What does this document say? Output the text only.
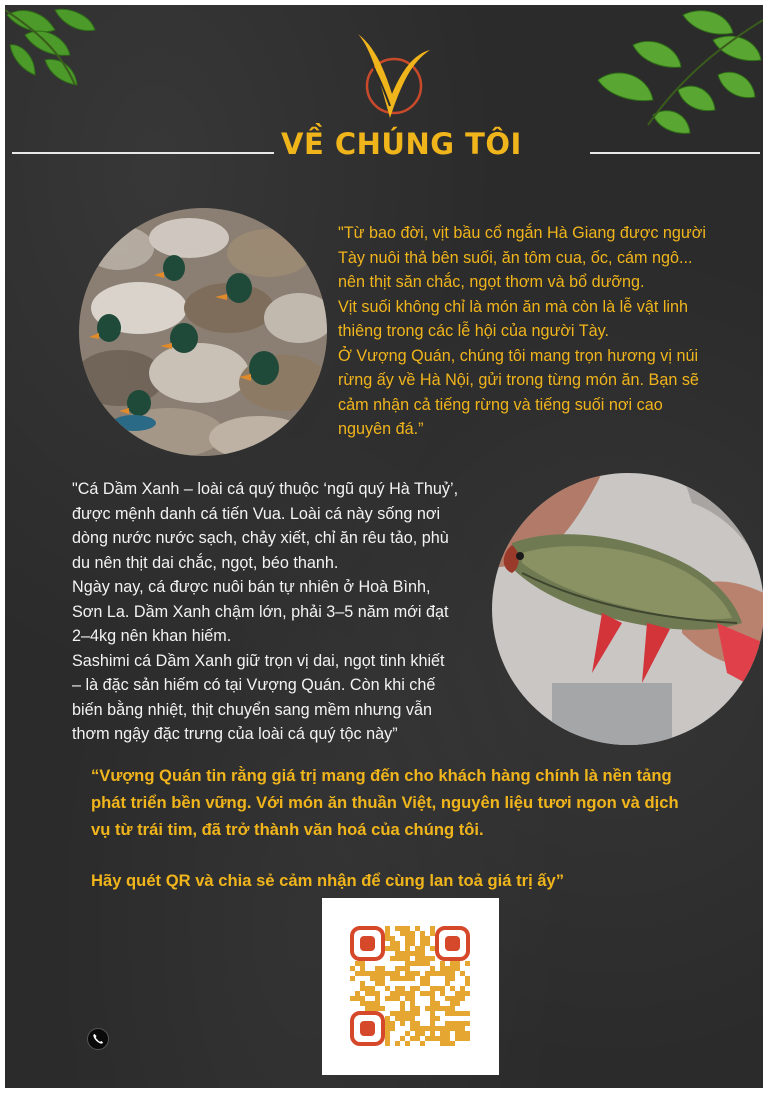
VỀ CHÚNG TÔI
"Từ bao đời, vịt bầu cổ ngắn Hà Giang được người
Tày nuôi thả bên suối, ăn tôm cua, ốc, cám ngô...
nên thịt săn chắc, ngọt thơm và bổ dưỡng.
Vịt suối không chỉ là món ăn mà còn là lễ vật linh
thiêng trong các lễ hội của người Tày.
Ở Vượng Quán, chúng tôi mang trọn hương vị núi
rừng ấy về Hà Nội, gửi trong từng món ăn. Bạn sẽ
cảm nhận cả tiếng rừng và tiếng suối nơi cao
nguyên đá.”
"Cá Dầm Xanh – loài cá quý thuộc ‘ngũ quý Hà Thuỷ’,
được mệnh danh cá tiến Vua. Loài cá này sống nơi
dòng nước nước sạch, chảy xiết, chỉ ăn rêu tảo, phù
du nên thịt dai chắc, ngọt, béo thanh.
Ngày nay, cá được nuôi bán tự nhiên ở Hoà Bình,
Sơn La. Dầm Xanh chậm lớn, phải 3–5 năm mới đạt
2–4kg nên khan hiếm.
Sashimi cá Dầm Xanh giữ trọn vị dai, ngọt tinh khiết
– là đặc sản hiếm có tại Vượng Quán. Còn khi chế
biến bằng nhiệt, thịt chuyển sang mềm nhưng vẫn
thơm ngậy đặc trưng của loài cá quý tộc này”

“Vượng Quán tin rằng giá trị mang đến cho khách hàng chính là nền tảng

phát triển bền vững. Với món ăn thuần Việt, nguyên liệu tươi ngon và dịch

vụ từ trái tim, đã trở thành văn hoá của chúng tôi.

Hãy quét QR và chia sẻ cảm nhận để cùng lan toả giá trị ấy”
